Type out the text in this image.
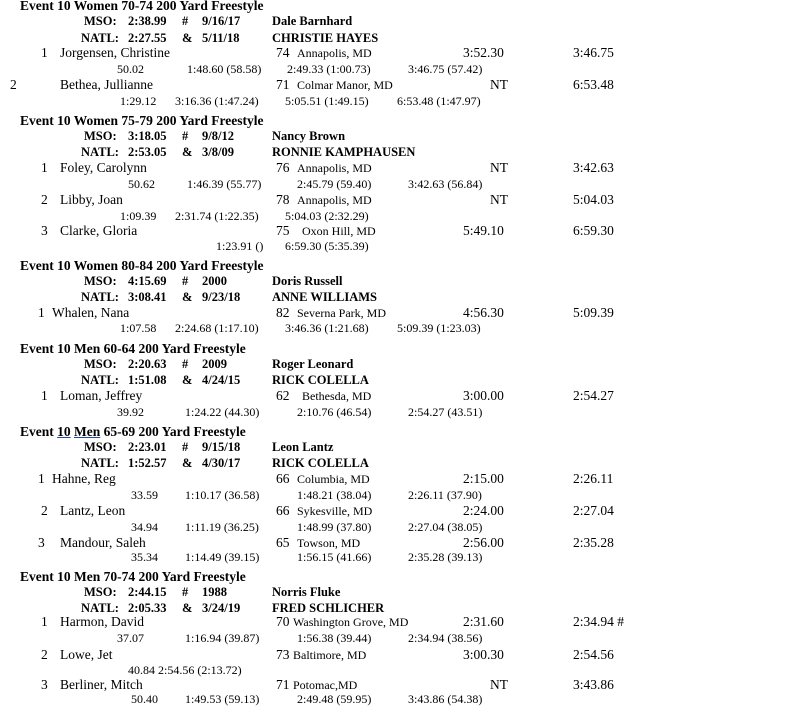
Event 10 Women 70-74 200 Yard Freestyle
MSO: 2:38.99 # 9/16/17	Dale Barnhard
NATL: 2:27.55 & 5/11/18	CHRISTIE HAYES
1 Jorgensen, Christine	74 Annapolis, MD	3:52.30	3:46.75
50.02	1:48.60 (58.58) 2:49.33 (1:00.73)	3:46.75 (57.42)
2	Bethea, Jullianne	71 Colmar Manor, MD	NT	6:53.48
1:29.12 3:16.36 (1:47.24) 5:05.51 (1:49.15) 6:53.48 (1:47.97)
Event 10 Women 75-79 200 Yard Freestyle
MSO: 3:18.05 # 9/8/12	Nancy Brown
NATL: 2:53.05 & 3/8/09	RONNIE KAMPHAUSEN
1 Foley, Carolynn	76 Annapolis, MD	NT	3:42.63
50.62	1:46.39 (55.77)	2:45.79 (59.40)	3:42.63 (56.84)
2 Libby, Joan	78 Annapolis, MD	NT	5:04.03
1:09.39 2:31.74 (1:22.35) 5:04.03 (2:32.29)
3 Clarke, Gloria	75 Oxon Hill, MD	5:49.10	6:59.30
1:23.91 () 6:59.30 (5:35.39)
Event 10 Women 80-84 200 Yard Freestyle
MSO: 4:15.69 # 2000	Doris Russell
NATL: 3:08.41 & 9/23/18	ANNE WILLIAMS
1 Whalen, Nana	82 Severna Park, MD	4:56.30	5:09.39
1:07.58 2:24.68 (1:17.10) 3:46.36 (1:21.68) 5:09.39 (1:23.03)
Event 10 Men 60-64 200 Yard Freestyle
MSO: 2:20.63 # 2009	Roger Leonard
NATL: 1:51.08 & 4/24/15	RICK COLELLA
1 Loman, Jeffrey	62 Bethesda, MD	3:00.00	2:54.27
39.92	1:24.22 (44.30)	2:10.76 (46.54)	2:54.27 (43.51)
Event 10 Men 65-69 200 Yard Freestyle
MSO: 2:23.01 # 9/15/18	Leon Lantz
NATL: 1:52.57 & 4/30/17	RICK COLELLA
1 Hahne, Reg	66 Columbia, MD	2:15.00	2:26.11
33.59 1:10.17 (36.58)	1:48.21 (38.04)	2:26.11 (37.90)
2 Lantz, Leon	66 Sykesville, MD	2:24.00	2:27.04
34.94 1:11.19 (36.25)	1:48.99 (37.80)	2:27.04 (38.05)
3 Mandour, Saleh	65 Towson, MD	2:56.00	2:35.28
35.34 1:14.49 (39.15)	1:56.15 (41.66)	2:35.28 (39.13)
Event 10 Men 70-74 200 Yard Freestyle
MSO: 2:44.15 # 1988	Norris Fluke
NATL: 2:05.33 & 3/24/19	FRED SCHLICHER
1 Harmon, David	70 Washington Grove, MD	2:31.60	2:34.94 #
37.07	1:16.94 (39.87)	1:56.38 (39.44)	2:34.94 (38.56)
2 Lowe, Jet	73 Baltimore, MD	3:00.30	2:54.56
40.84 2:54.56 (2:13.72)
3 Berliner, Mitch	71 Potomac,MD	NT	3:43.86
50.40 1:49.53 (59.13)	2:49.48 (59.95)	3:43.86 (54.38)
